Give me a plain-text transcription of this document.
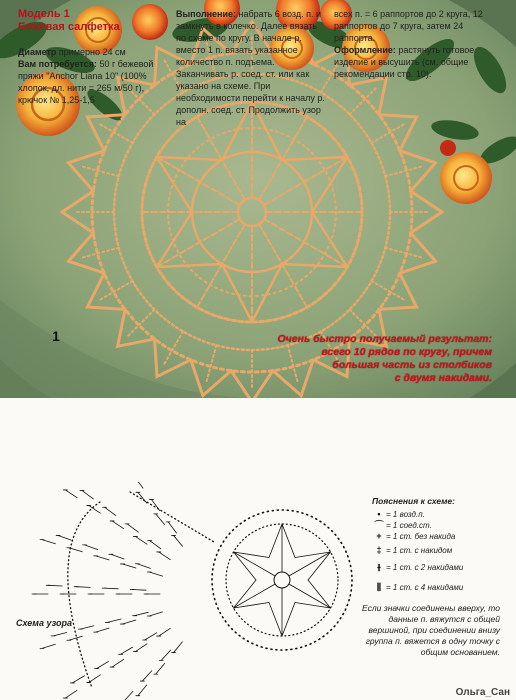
1	Очень быстро получаемый результат:
всего 10 рядов по кругу, причем
большая часть из столбиков
с двумя накидами.
Модель 1
Бежевая салфетка
Диаметр примерно 24 см
Вам потребуется: 50 г бежевой пряжи "Anchor Liana 10" (100% хлопок, дл. нити = 265 м/50 г), крючок № 1,25-1,5
Выполнение: набрать 6 возд. п. и замкнуть в колечко. Далее вязать по схеме по кругу. В начале р. вместо 1 п. вязать указанное количество п. подъема. Заканчивать р. соед. ст. или как указано на схеме. При необходимости перейти к началу р. дополн. соед. ст. Продолжить узор на
всех п. = 6 раппортов до 2 круга, 12 раппортов до 7 круга, затем 24 раппорта.
Оформление: растянуть готовое изделие и высушить (см. общие рекомендации стр. 10).
Схема узора
Пояснения к схеме:
• = 1 возд.п.
⌒ = 1 соед.ст.
+ = 1 ст. без накида
‡ = 1 ст. с накидом
⫳ = 1 ст. с 2 накидами
⫼ = 1 ст. с 4 накидами
Если значки соединены вверху, то данные п. вяжутся с общей вершиной, при соединении внизу группа п. вяжется в одну точку с общим основанием.
Ольга_Сан
